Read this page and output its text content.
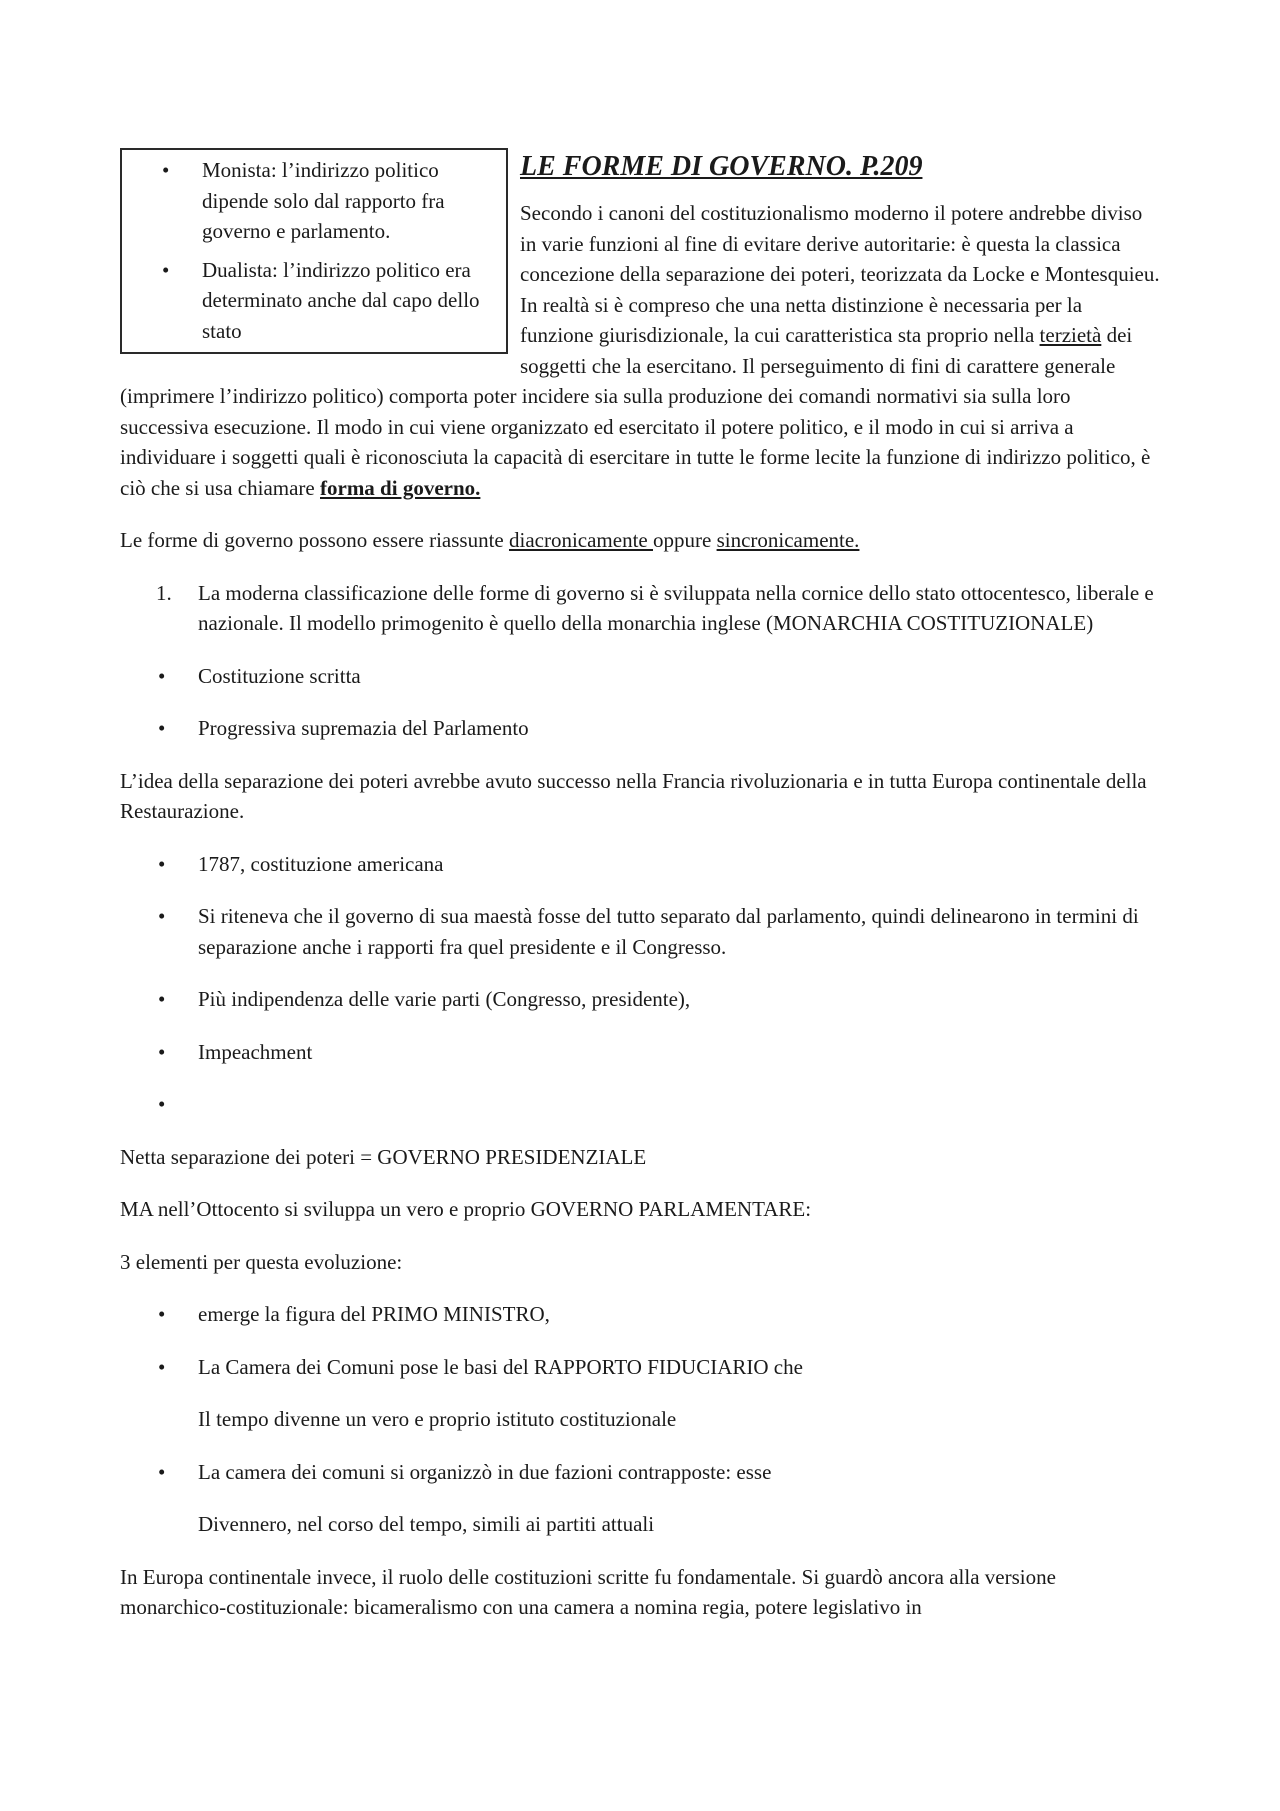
• Monista: l’indirizzo politico dipende solo dal rapporto fra governo e parlamento.
• Dualista: l’indirizzo politico era determinato anche dal capo dello stato
LE FORME DI GOVERNO. P.209

Secondo i canoni del costituzionalismo moderno il potere andrebbe diviso in varie funzioni al fine di evitare derive autoritarie: è questa la classica concezione della separazione dei poteri, teorizzata da Locke e Montesquieu. In realtà si è compreso che una netta distinzione è necessaria per la funzione giurisdizionale, la cui caratteristica sta proprio nella terzietà dei soggetti che la esercitano. Il perseguimento di fini di carattere generale (imprimere l’indirizzo politico) comporta poter incidere sia sulla produzione dei comandi normativi sia sulla loro successiva esecuzione. Il modo in cui viene organizzato ed esercitato il potere politico, e il modo in cui si arriva a individuare i soggetti quali è riconosciuta la capacità di esercitare in tutte le forme lecite la funzione di indirizzo politico, è ciò che si usa chiamare forma di governo.

Le forme di governo possono essere riassunte diacronicamente oppure sincronicamente.

1. La moderna classificazione delle forme di governo si è sviluppata nella cornice dello stato ottocentesco, liberale e nazionale. Il modello primogenito è quello della monarchia inglese (MONARCHIA COSTITUZIONALE)
• Costituzione scritta
• Progressiva supremazia del Parlamento

L’idea della separazione dei poteri avrebbe avuto successo nella Francia rivoluzionaria e in tutta Europa continentale della Restaurazione.

• 1787, costituzione americana
• Si riteneva che il governo di sua maestà fosse del tutto separato dal parlamento, quindi delinearono in termini di separazione anche i rapporti fra quel presidente e il Congresso.
• Più indipendenza delle varie parti (Congresso, presidente),
• Impeachment
•

Netta separazione dei poteri = GOVERNO PRESIDENZIALE

MA nell’Ottocento si sviluppa un vero e proprio GOVERNO PARLAMENTARE:

3 elementi per questa evoluzione:

• emerge la figura del PRIMO MINISTRO,
• La Camera dei Comuni pose le basi del RAPPORTO FIDUCIARIO che
Il tempo divenne un vero e proprio istituto costituzionale
• La camera dei comuni si organizzò in due fazioni contrapposte: esse
Divennero, nel corso del tempo, simili ai partiti attuali

In Europa continentale invece, il ruolo delle costituzioni scritte fu fondamentale. Si guardò ancora alla versione monarchico-costituzionale: bicameralismo con una camera a nomina regia, potere legislativo in
